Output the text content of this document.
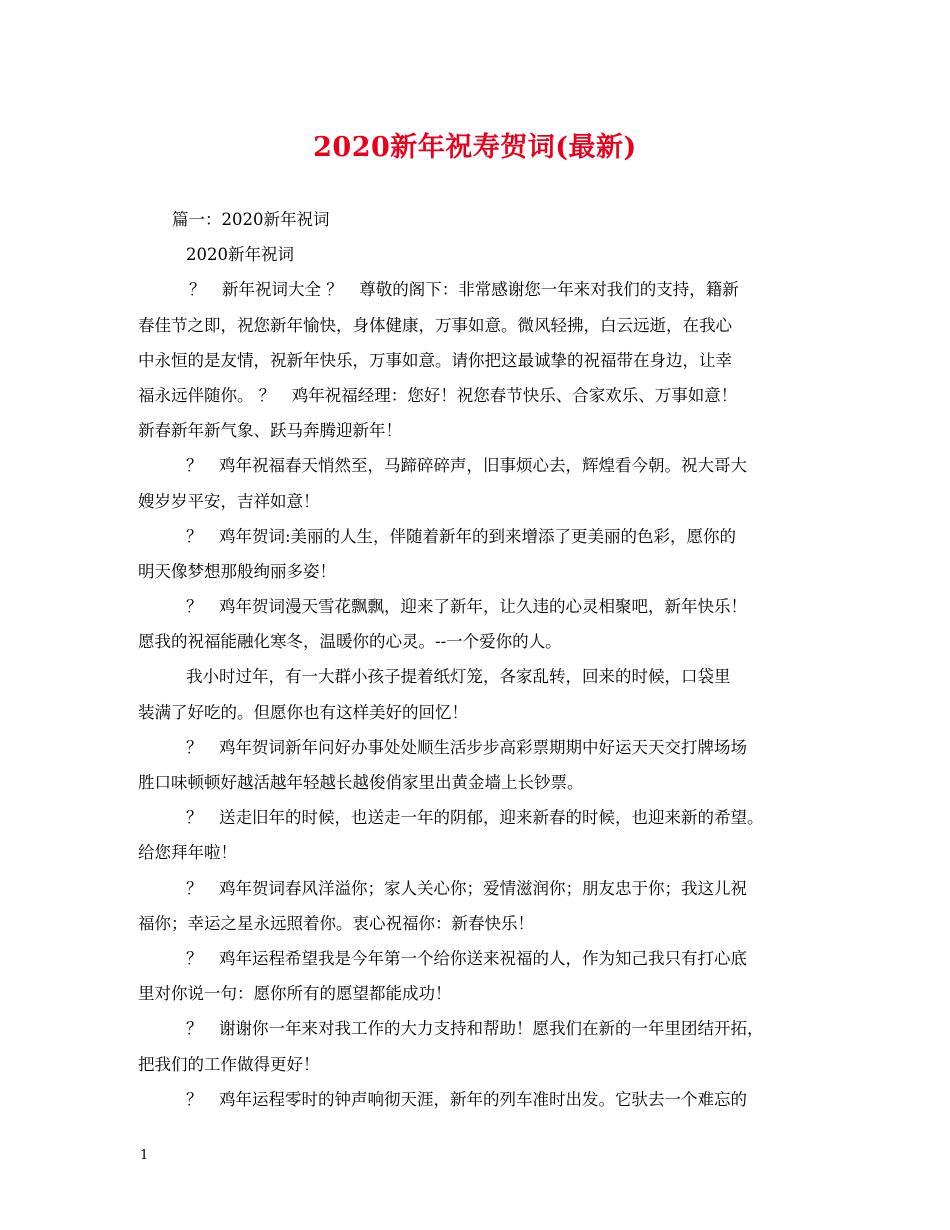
2020新年祝寿贺词(最新)
篇一：2020新年祝词
2020新年祝词
？　新年祝词大全 ？　尊敬的阁下：非常感谢您一年来对我们的支持，籍新
春佳节之即，祝您新年愉快，身体健康，万事如意。微风轻拂，白云远逝，在我心
中永恒的是友情，祝新年快乐，万事如意。请你把这最诚挚的祝福带在身边，让幸
福永远伴随你。 ？　鸡年祝福经理：您好！祝您春节快乐、合家欢乐、万事如意！
新春新年新气象、跃马奔腾迎新年！
？　鸡年祝福春天悄然至，马蹄碎碎声，旧事烦心去，辉煌看今朝。祝大哥大
嫂岁岁平安，吉祥如意！
？　鸡年贺词:美丽的人生，伴随着新年的到来增添了更美丽的色彩，愿你的
明天像梦想那般绚丽多姿！
？　鸡年贺词漫天雪花飘飘，迎来了新年，让久违的心灵相聚吧，新年快乐！
愿我的祝福能融化寒冬，温暖你的心灵。--一个爱你的人。
我小时过年，有一大群小孩子提着纸灯笼，各家乱转，回来的时候，口袋里
装满了好吃的。但愿你也有这样美好的回忆！
？　鸡年贺词新年问好办事处处顺生活步步高彩票期期中好运天天交打牌场场
胜口味顿顿好越活越年轻越长越俊俏家里出黄金墙上长钞票。
？　送走旧年的时候，也送走一年的阴郁，迎来新春的时候，也迎来新的希望。
给您拜年啦！
？　鸡年贺词春风洋溢你；家人关心你；爱情滋润你；朋友忠于你；我这儿祝
福你；幸运之星永远照着你。衷心祝福你：新春快乐！
？　鸡年运程希望我是今年第一个给你送来祝福的人，作为知己我只有打心底
里对你说一句：愿你所有的愿望都能成功！
？　谢谢你一年来对我工作的大力支持和帮助！愿我们在新的一年里团结开拓，
把我们的工作做得更好！
？　鸡年运程零时的钟声响彻天涯，新年的列车准时出发。它驮去一个难忘的
1
